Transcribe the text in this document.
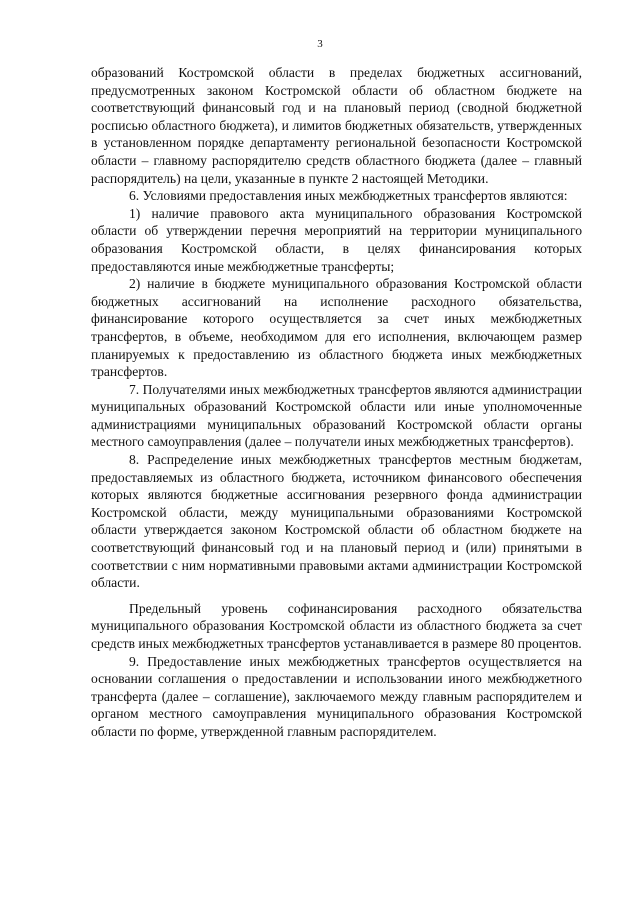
3

образований Костромской области в пределах бюджетных ассигнований, предусмотренных законом Костромской области об областном бюджете на соответствующий финансовый год и на плановый период (сводной бюджетной росписью областного бюджета), и лимитов бюджетных обязательств, утвержденных в установленном порядке департаменту региональной безопасности Костромской области – главному распорядителю средств областного бюджета (далее – главный распорядитель) на цели, указанные в пункте 2 настоящей Методики.

6. Условиями предоставления иных межбюджетных трансфертов являются:

1) наличие правового акта муниципального образования Костромской области об утверждении перечня мероприятий на территории муниципального образования Костромской области, в целях финансирования которых предоставляются иные межбюджетные трансферты;

2) наличие в бюджете муниципального образования Костромской области бюджетных ассигнований на исполнение расходного обязательства, финансирование которого осуществляется за счет иных межбюджетных трансфертов, в объеме, необходимом для его исполнения, включающем размер планируемых к предоставлению из областного бюджета иных межбюджетных трансфертов.

7. Получателями иных межбюджетных трансфертов являются администрации муниципальных образований Костромской области или иные уполномоченные администрациями муниципальных образований Костромской области органы местного самоуправления (далее – получатели иных межбюджетных трансфертов).

8. Распределение иных межбюджетных трансфертов местным бюджетам, предоставляемых из областного бюджета, источником финансового обеспечения которых являются бюджетные ассигнования резервного фонда администрации Костромской области, между муниципальными образованиями Костромской области утверждается законом Костромской области об областном бюджете на соответствующий финансовый год и на плановый период и (или) принятыми в соответствии с ним нормативными правовыми актами администрации Костромской области.

Предельный уровень софинансирования расходного обязательства муниципального образования Костромской области из областного бюджета за счет средств иных межбюджетных трансфертов устанавливается в размере 80 процентов.

9. Предоставление иных межбюджетных трансфертов осуществляется на основании соглашения о предоставлении и использовании иного межбюджетного трансферта (далее – соглашение), заключаемого между главным распорядителем и органом местного самоуправления муниципального образования Костромской области по форме, утвержденной главным распорядителем.
